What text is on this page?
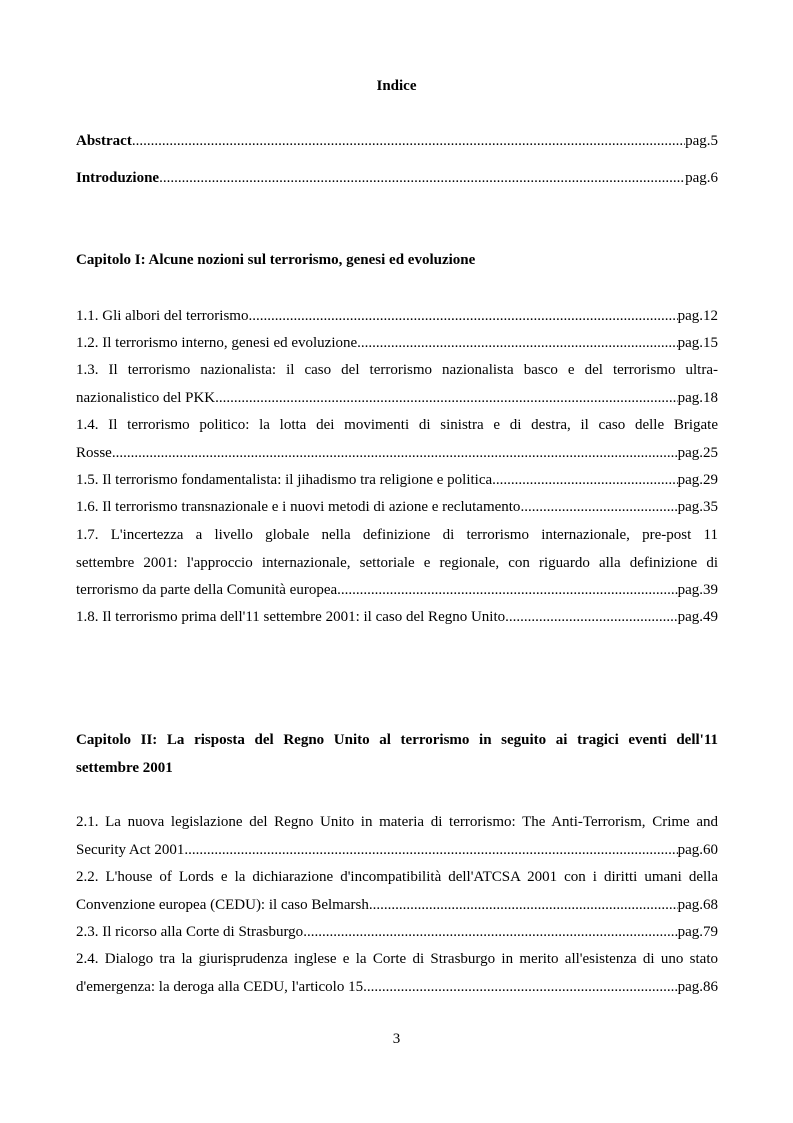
Indice
Abstract .....	pag.5
Introduzione .....	pag.6
Capitolo I: Alcune nozioni sul terrorismo, genesi ed evoluzione
1.1. Gli albori del terrorismo .....	pag.12
1.2. Il terrorismo interno, genesi ed evoluzione .....	pag.15
1.3. Il terrorismo nazionalista: il caso del terrorismo nazionalista basco e del terrorismo ultra-
nazionalistico del PKK .....	pag.18
1.4. Il terrorismo politico: la lotta dei movimenti di sinistra e di destra, il caso delle Brigate
Rosse .....	pag.25
1.5. Il terrorismo fondamentalista: il jihadismo tra religione e politica .....	pag.29
1.6. Il terrorismo transnazionale e i nuovi metodi di azione e reclutamento .....	pag.35
1.7. L'incertezza a livello globale nella definizione di terrorismo internazionale, pre-post 11
settembre 2001: l'approccio internazionale, settoriale e regionale, con riguardo alla definizione di
terrorismo da parte della Comunità europea .....	pag.39
1.8. Il terrorismo prima dell'11 settembre 2001: il caso del Regno Unito .....	pag.49
Capitolo II: La risposta del Regno Unito al terrorismo in seguito ai tragici eventi dell'11
settembre 2001
2.1. La nuova legislazione del Regno Unito in materia di terrorismo: The Anti-Terrorism, Crime and
Security Act 2001 .....	pag.60
2.2. L'house of Lords e la dichiarazione d'incompatibilità dell'ATCSA 2001 con i diritti umani della
Convenzione europea (CEDU): il caso Belmarsh .....	pag.68
2.3. Il ricorso alla Corte di Strasburgo .....	pag.79
2.4. Dialogo tra la giurisprudenza inglese e la Corte di Strasburgo in merito all'esistenza di uno stato
d'emergenza: la deroga alla CEDU, l'articolo 15 .....	pag.86
3
